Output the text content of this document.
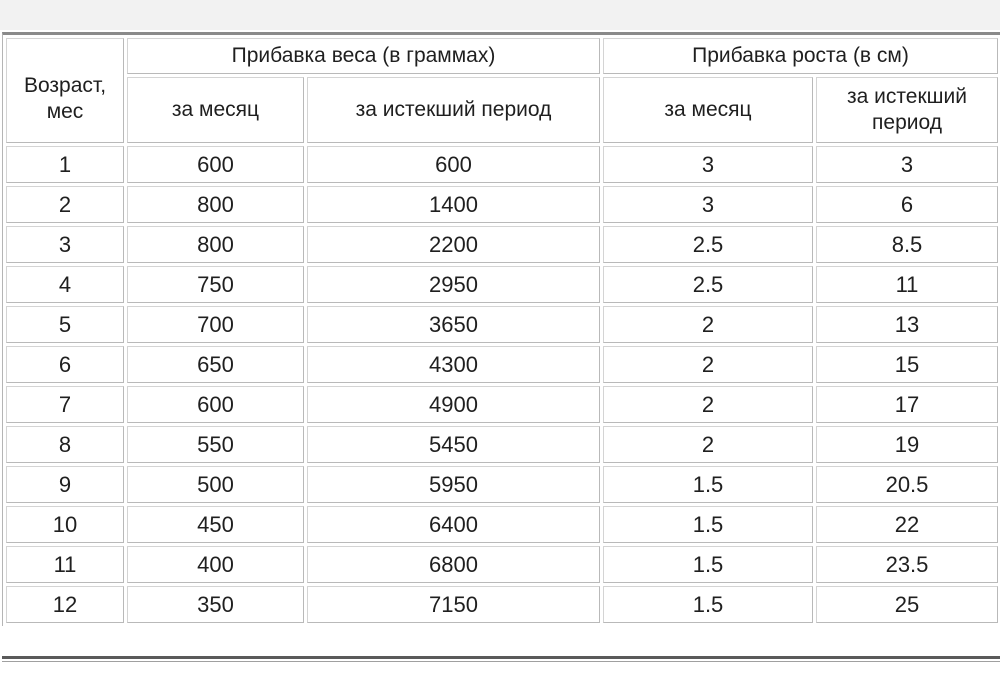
Возраст,
мес	Прибавка веса (в граммах)		Прибавка роста (в см)	
	за месяц	за истекший период	за месяц	за истекший период
1	600	600	3	3
2	800	1400	3	6
3	800	2200	2.5	8.5
4	750	2950	2.5	11
5	700	3650	2	13
6	650	4300	2	15
7	600	4900	2	17
8	550	5450	2	19
9	500	5950	1.5	20.5
10	450	6400	1.5	22
11	400	6800	1.5	23.5
12	350	7150	1.5	25
